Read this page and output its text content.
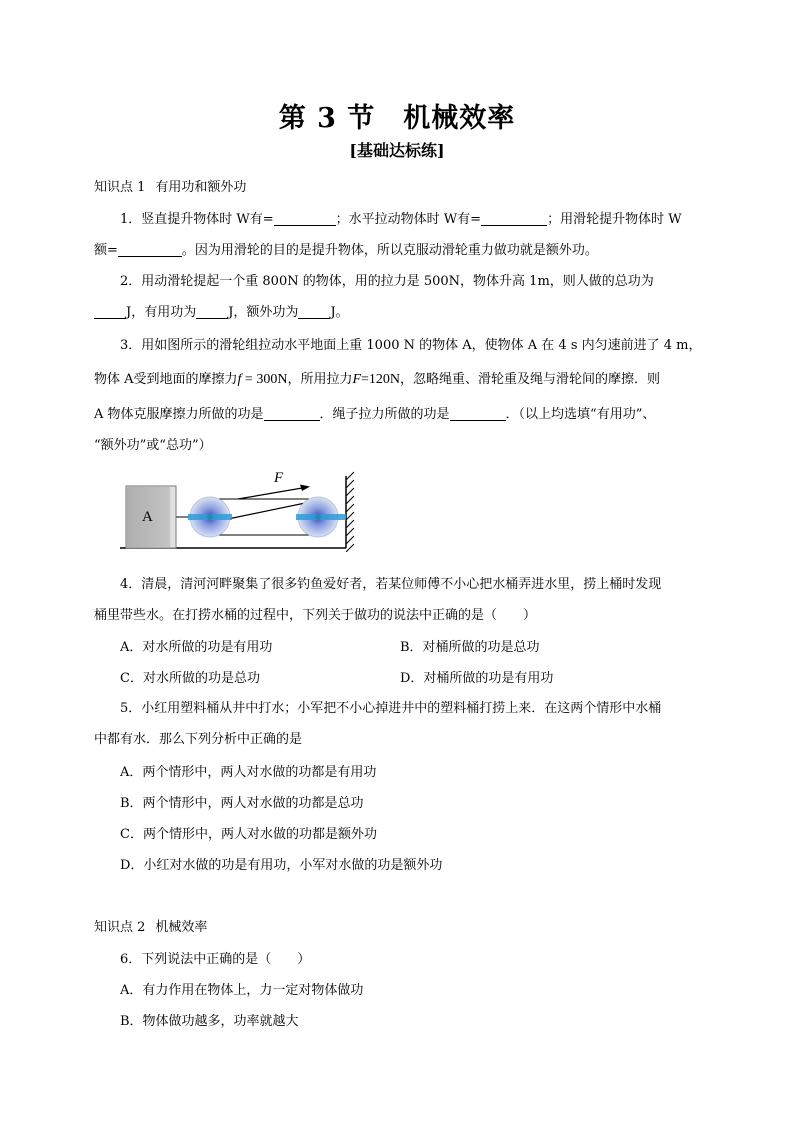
第 3 节 机械效率
[基础达标练]
知识点 1 有用功和额外功
1．竖直提升物体时 W有=	；水平拉动物体时 W有=	；用滑轮提升物体时 W
额=	。因为用滑轮的目的是提升物体，所以克服动滑轮重力做功就是额外功。
2．用动滑轮提起一个重 800N 的物体，用的拉力是 500N，物体升高 1m，则人做的总功为
J，有用功为 J，额外功为 J。
3．用如图所示的滑轮组拉动水平地面上重 1000 N 的物体 A，使物体 A 在 4 s 内匀速前进了 4 m，
物体 A受到地面的摩擦力f = 300N，所用拉力F=120N，忽略绳重、滑轮重及绳与滑轮间的摩擦．则
A 物体克服摩擦力所做的功是	．绳子拉力所做的功是	．（以上均选填“有用功”、
“额外功”或“总功”）
A
F
4．清晨，清河河畔聚集了很多钓鱼爱好者，若某位师傅不小心把水桶弄进水里，捞上桶时发现
桶里带些水。在打捞水桶的过程中，下列关于做功的说法中正确的是（　　）
A．对水所做的功是有用功	B．对桶所做的功是总功
C．对水所做的功是总功	D．对桶所做的功是有用功
5．小红用塑料桶从井中打水；小军把不小心掉进井中的塑料桶打捞上来．在这两个情形中水桶
中都有水．那么下列分析中正确的是
A．两个情形中，两人对水做的功都是有用功
B．两个情形中，两人对水做的功都是总功
C．两个情形中，两人对水做的功都是额外功
D．小红对水做的功是有用功，小军对水做的功是额外功
知识点 2 机械效率
6．下列说法中正确的是（　　）
A．有力作用在物体上，力一定对物体做功
B．物体做功越多，功率就越大
